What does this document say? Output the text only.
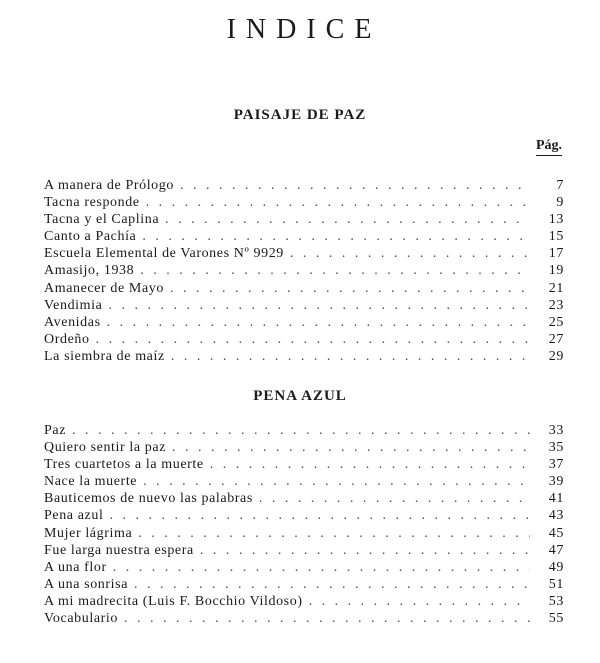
INDICE
PAISAJE DE PAZ
Pág.
A manera de Prólogo . . .	7
Tacna responde . . .	9
Tacna y el Caplina . . .	13
Canto a Pachía . . .	15
Escuela Elemental de Varones Nº 9929 . . .	17
Amasijo, 1938 . . .	19
Amanecer de Mayo . . .	21
Vendimia . . .	23
Avenidas . . .	25
Ordeño . . .	27
La siembra de maíz . . .	29
PENA AZUL
Paz . . .	33
Quiero sentir la paz . . .	35
Tres cuartetos a la muerte . . .	37
Nace la muerte . . .	39
Bauticemos de nuevo las palabras . . .	41
Pena azul . . .	43
Mujer lágrima . . .	45
Fue larga nuestra espera . . .	47
A una flor . . .	49
A una sonrisa . . .	51
A mi madrecita (Luis F. Bocchio Vildoso) . . .	53
Vocabulario . . .	55
